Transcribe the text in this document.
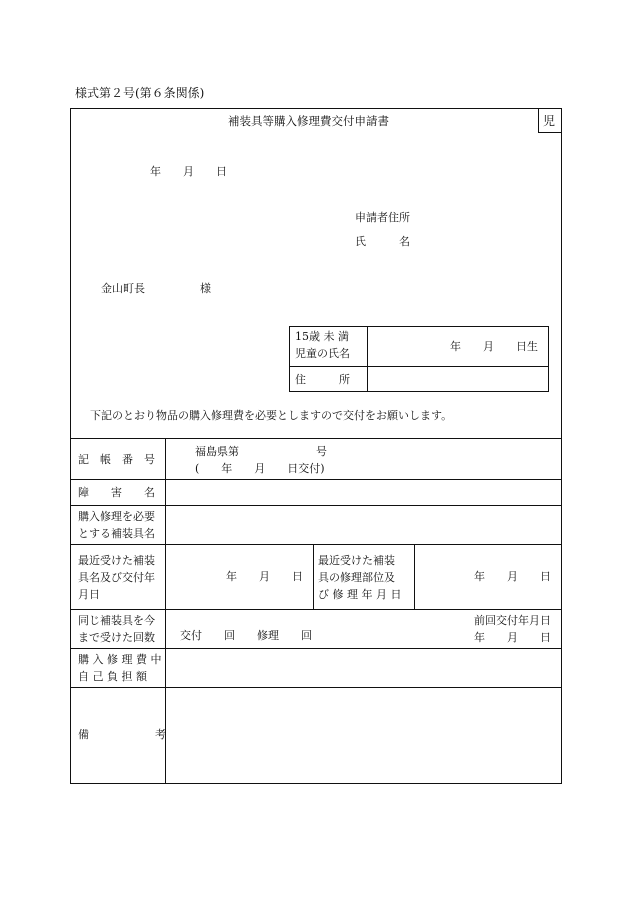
様式第２号(第６条関係)
児
補装具等購入修理費交付申請書
年　　月　　日
申請者住所
氏　　　名
金山町長　　　　　様
15歳 未 満
児童の氏名
年　　月　　日生
住　　　所
下記のとおり物品の購入修理費を必要としますので交付をお願いします。
記　帳　番　号
福島県第　　　　　　　号
(　　年　　月　　日交付)
障　　害　　名
購入修理を必要
とする補装具名
最近受けた補装
具名及び交付年
月日
年　　月　　日
最近受けた補装
具の修理部位及
び 修 理 年 月 日
年　　月　　日
同じ補装具を今
まで受けた回数 交付　　回　　修理　　回
前回交付年月日
年　　月　　日
購 入 修 理 費 中
自 己 負 担 額
備　　　　　　考
